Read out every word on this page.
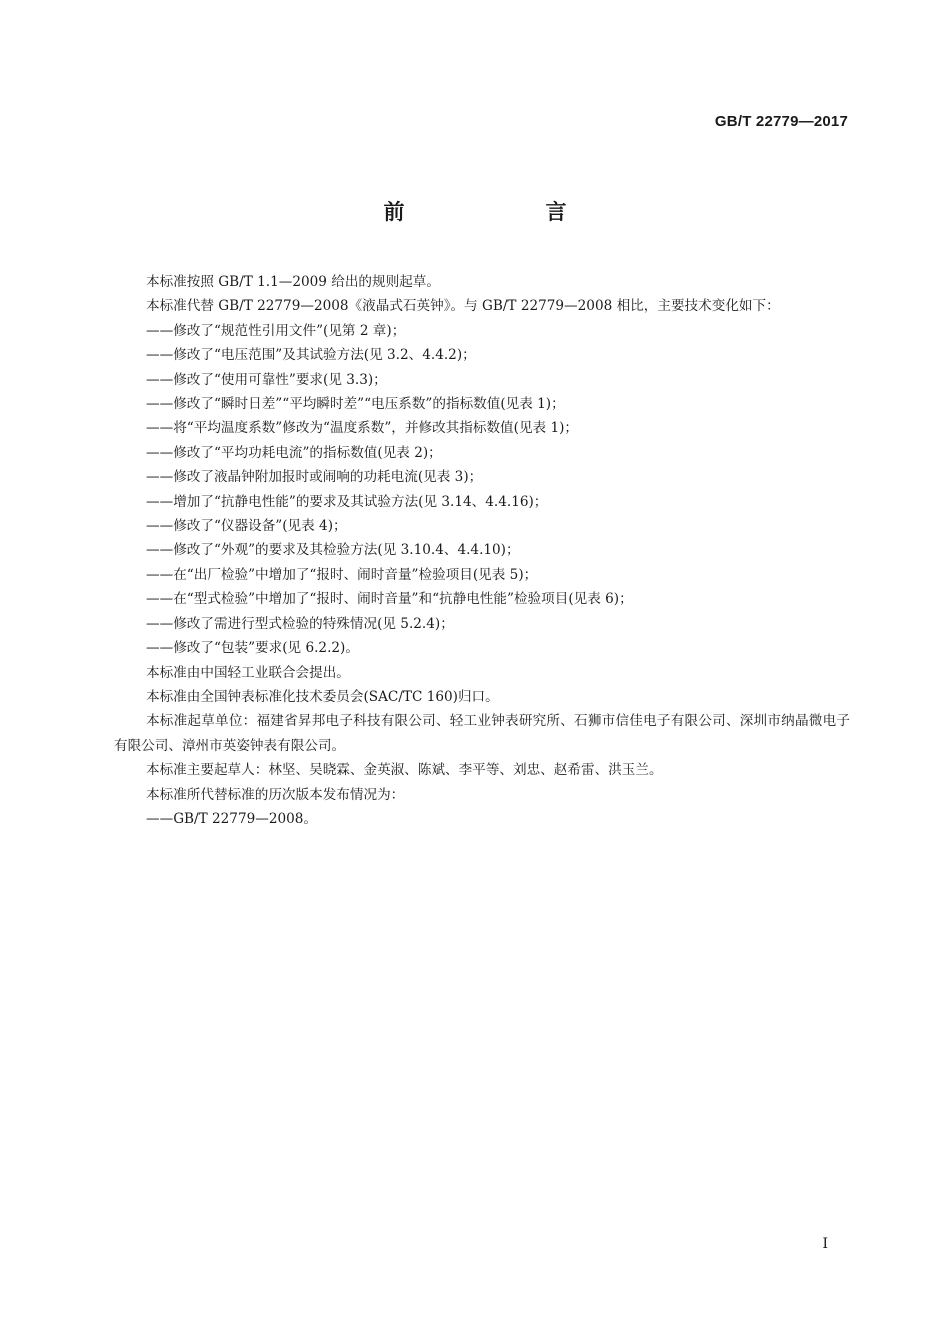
GB/T 22779—2017
前　言

本标准按照 GB/T 1.1—2009 给出的规则起草。

本标准代替 GB/T 22779—2008《液晶式石英钟》。与 GB/T 22779—2008 相比，主要技术变化如下：

——修改了“规范性引用文件”(见第 2 章)；

——修改了“电压范围”及其试验方法(见 3.2、4.4.2)；

——修改了“使用可靠性”要求(见 3.3)；

——修改了“瞬时日差”“平均瞬时差”“电压系数”的指标数值(见表 1)；

——将“平均温度系数”修改为“温度系数”，并修改其指标数值(见表 1)；

——修改了“平均功耗电流”的指标数值(见表 2)；

——修改了液晶钟附加报时或闹响的功耗电流(见表 3)；

——增加了“抗静电性能”的要求及其试验方法(见 3.14、4.4.16)；

——修改了“仪器设备”(见表 4)；

——修改了“外观”的要求及其检验方法(见 3.10.4、4.4.10)；

——在“出厂检验”中增加了“报时、闹时音量”检验项目(见表 5)；

——在“型式检验”中增加了“报时、闹时音量”和“抗静电性能”检验项目(见表 6)；

——修改了需进行型式检验的特殊情况(见 5.2.4)；

——修改了“包装”要求(见 6.2.2)。

本标准由中国轻工业联合会提出。

本标准由全国钟表标准化技术委员会(SAC/TC 160)归口。

本标准起草单位：福建省昇邦电子科技有限公司、轻工业钟表研究所、石狮市信佳电子有限公司、深圳市纳晶微电子有限公司、漳州市英姿钟表有限公司。

本标准主要起草人：林坚、吴晓霖、金英淑、陈斌、李平等、刘忠、赵希雷、洪玉兰。

本标准所代替标准的历次版本发布情况为：

——GB/T 22779—2008。

I
